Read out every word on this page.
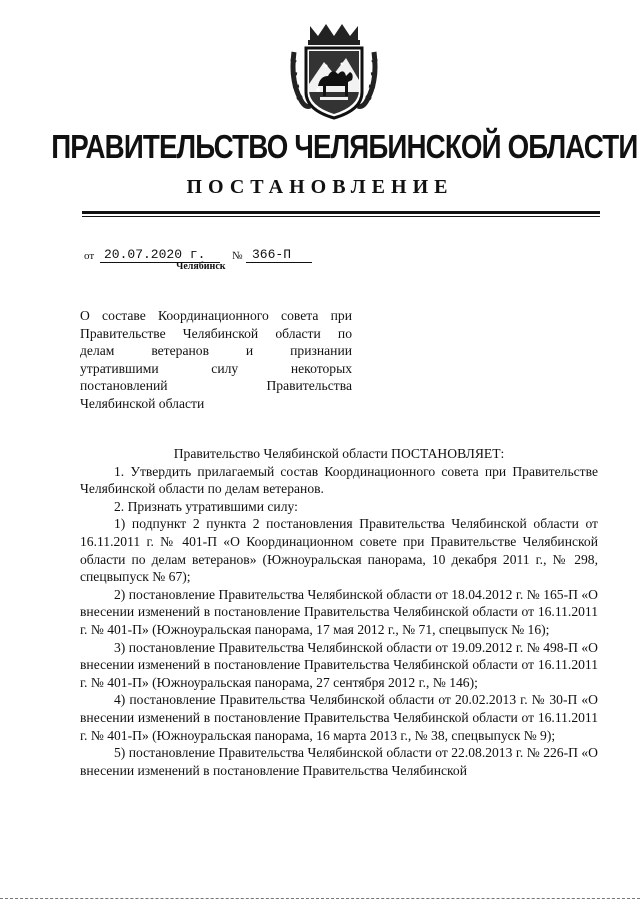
ПРАВИТЕЛЬСТВО ЧЕЛЯБИНСКОЙ ОБЛАСТИ
ПОСТАНОВЛЕНИЕ
от 20.07.2020 г. № 366-П
Челябинск
О составе Координационного совета при
Правительстве Челябинской области по
делам ветеранов и признании
утратившими силу некоторых
постановлений Правительства
Челябинской области

Правительство Челябинской области ПОСТАНОВЛЯЕТ:

1. Утвердить прилагаемый состав Координационного совета при Правительстве Челябинской области по делам ветеранов.

2. Признать утратившими силу:

1) подпункт 2 пункта 2 постановления Правительства Челябинской области от 16.11.2011 г. № 401-П «О Координационном совете при Правительстве Челябинской области по делам ветеранов» (Южноуральская панорама, 10 декабря 2011 г., № 298, спецвыпуск № 67);

2) постановление Правительства Челябинской области от 18.04.2012 г. № 165-П «О внесении изменений в постановление Правительства Челябинской области от 16.11.2011 г. № 401-П» (Южноуральская панорама, 17 мая 2012 г., № 71, спецвыпуск № 16);

3) постановление Правительства Челябинской области от 19.09.2012 г. № 498-П «О внесении изменений в постановление Правительства Челябинской области от 16.11.2011 г. № 401-П» (Южноуральская панорама, 27 сентября 2012 г., № 146);

4) постановление Правительства Челябинской области от 20.02.2013 г. № 30-П «О внесении изменений в постановление Правительства Челябинской области от 16.11.2011 г. № 401-П» (Южноуральская панорама, 16 марта 2013 г., № 38, спецвыпуск № 9);

5) постановление Правительства Челябинской области от 22.08.2013 г. № 226-П «О внесении изменений в постановление Правительства Челябинской
